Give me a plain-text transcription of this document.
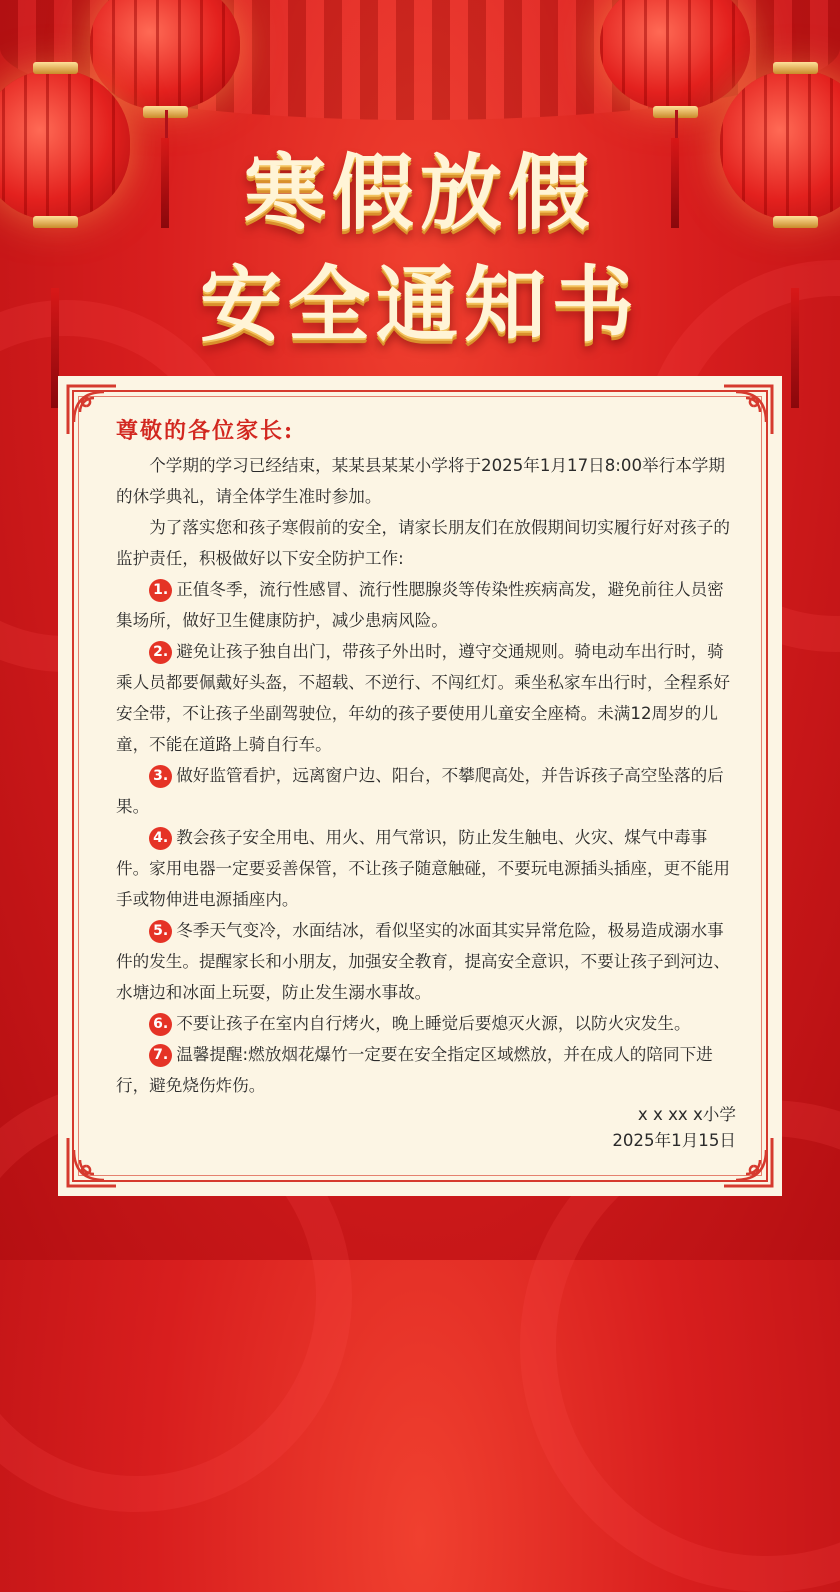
寒假放假
安全通知书
尊敬的各位家长:

个学期的学习已经结束，某某县某某小学将于2025年1月17日8:00举行本学期的休学典礼，请全体学生准时参加。

为了落实您和孩子寒假前的安全，请家长朋友们在放假期间切实履行好对孩子的监护责任，积极做好以下安全防护工作:

1. 正值冬季，流行性感冒、流行性腮腺炎等传染性疾病高发，避免前往人员密集场所，做好卫生健康防护，减少患病风险。

2. 避免让孩子独自出门，带孩子外出时，遵守交通规则。骑电动车出行时，骑乘人员都要佩戴好头盔，不超载、不逆行、不闯红灯。乘坐私家车出行时，全程系好安全带，不让孩子坐副驾驶位，年幼的孩子要使用儿童安全座椅。未满12周岁的儿童，不能在道路上骑自行车。

3. 做好监管看护，远离窗户边、阳台，不攀爬高处，并告诉孩子高空坠落的后果。

4. 教会孩子安全用电、用火、用气常识，防止发生触电、火灾、煤气中毒事件。家用电器一定要妥善保管，不让孩子随意触碰，不要玩电源插头插座，更不能用手或物伸进电源插座内。

5. 冬季天气变冷，水面结冰，看似坚实的冰面其实异常危险，极易造成溺水事件的发生。提醒家长和小朋友，加强安全教育，提高安全意识，不要让孩子到河边、水塘边和冰面上玩耍，防止发生溺水事故。

6. 不要让孩子在室内自行烤火，晚上睡觉后要熄灭火源，以防火灾发生。

7. 温馨提醒:燃放烟花爆竹一定要在安全指定区域燃放，并在成人的陪同下进行，避免烧伤炸伤。

x x xx x小学
2025年1月15日
